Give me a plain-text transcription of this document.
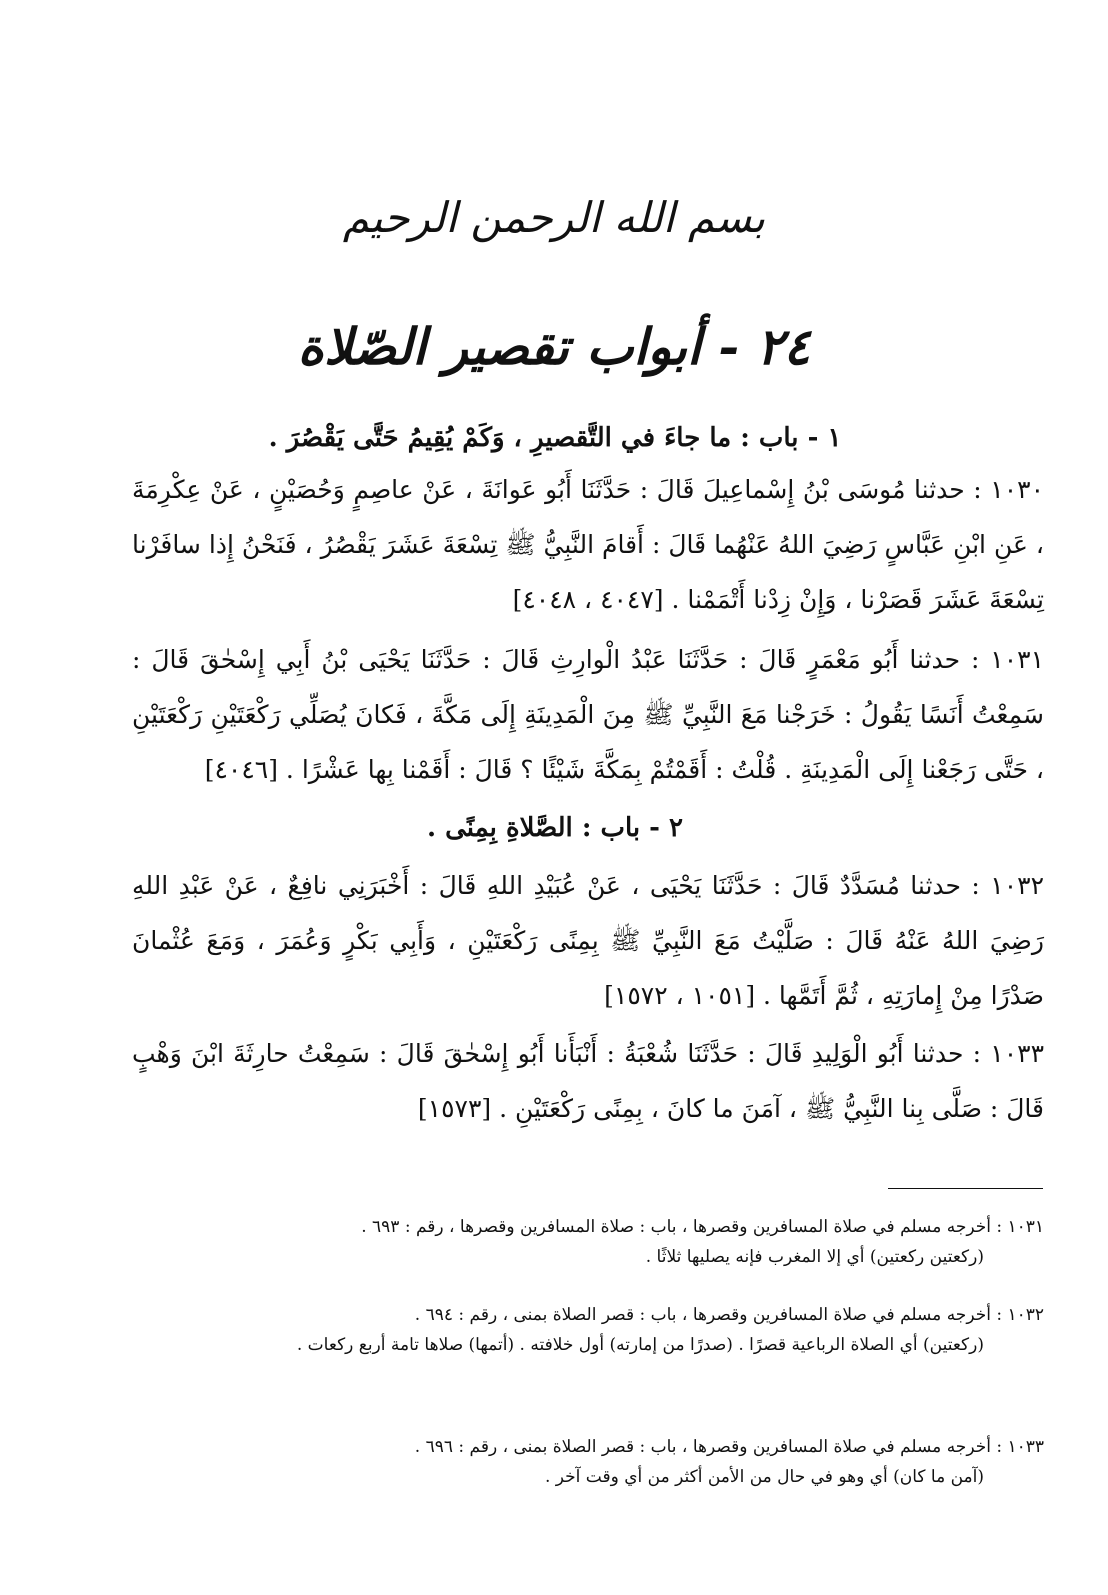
بسم الله الرحمن الرحيم
٢٤ - أبواب تقصير الصّلاة
١ - باب : ما جاءَ في التَّقصيرِ ، وَكَمْ يُقِيمُ حَتَّى يَقْصُرَ .
١٠٣٠ : حدثنا مُوسَى بْنُ إِسْماعِيلَ قَالَ : حَدَّثَنَا أَبُو عَوانَةَ ، عَنْ عاصِمٍ وَحُصَيْنٍ ، عَنْ عِكْرِمَةَ ، عَنِ ابْنِ عَبَّاسٍ رَضِيَ اللهُ عَنْهُما قَالَ : أَقامَ النَّبِيُّ ﷺ تِسْعَةَ عَشَرَ يَقْصُرُ ، فَنَحْنُ إِذا سافَرْنا تِسْعَةَ عَشَرَ قَصَرْنا ، وَإِنْ زِدْنا أَتْمَمْنا . [٤٠٤٧ ، ٤٠٤٨]
١٠٣١ : حدثنا أَبُو مَعْمَرٍ قَالَ : حَدَّثَنَا عَبْدُ الْوارِثِ قَالَ : حَدَّثَنَا يَحْيَى بْنُ أَبِي إِسْحٰقَ قَالَ : سَمِعْتُ أَنَسًا يَقُولُ : خَرَجْنا مَعَ النَّبِيِّ ﷺ مِنَ الْمَدِينَةِ إِلَى مَكَّةَ ، فَكانَ يُصَلِّي رَكْعَتَيْنِ رَكْعَتَيْنِ ، حَتَّى رَجَعْنا إِلَى الْمَدِينَةِ . قُلْتُ : أَقَمْتُمْ بِمَكَّةَ شَيْئًا ؟ قَالَ : أَقَمْنا بِها عَشْرًا . [٤٠٤٦]
٢ - باب : الصَّلاةِ بِمِنًى .
١٠٣٢ : حدثنا مُسَدَّدٌ قَالَ : حَدَّثَنَا يَحْيَى ، عَنْ عُبَيْدِ اللهِ قَالَ : أَخْبَرَنِي نافِعٌ ، عَنْ عَبْدِ اللهِ رَضِيَ اللهُ عَنْهُ قَالَ : صَلَّيْتُ مَعَ النَّبِيِّ ﷺ بِمِنًى رَكْعَتَيْنِ ، وَأَبِي بَكْرٍ وَعُمَرَ ، وَمَعَ عُثْمانَ صَدْرًا مِنْ إِمارَتِهِ ، ثُمَّ أَتَمَّها . [١٠٥١ ، ١٥٧٢]
١٠٣٣ : حدثنا أَبُو الْوَلِيدِ قَالَ : حَدَّثَنَا شُعْبَةُ : أَنْبَأَنا أَبُو إِسْحٰقَ قَالَ : سَمِعْتُ حارِثَةَ ابْنَ وَهْبٍ قَالَ : صَلَّى بِنا النَّبِيُّ ﷺ ، آمَنَ ما كانَ ، بِمِنًى رَكْعَتَيْنِ . [١٥٧٣]

١٠٣١ : أخرجه مسلم في صلاة المسافرين وقصرها ، باب : صلاة المسافرين وقصرها ، رقم : ٦٩٣ .

(ركعتين ركعتين) أي إلا المغرب فإنه يصليها ثلاثًا .

١٠٣٢ : أخرجه مسلم في صلاة المسافرين وقصرها ، باب : قصر الصلاة بمنى ، رقم : ٦٩٤ .

(ركعتين) أي الصلاة الرباعية قصرًا . (صدرًا من إمارته) أول خلافته . (أتمها) صلاها تامة أربع ركعات .

١٠٣٣ : أخرجه مسلم في صلاة المسافرين وقصرها ، باب : قصر الصلاة بمنى ، رقم : ٦٩٦ .

(آمن ما كان) أي وهو في حال من الأمن أكثر من أي وقت آخر .
